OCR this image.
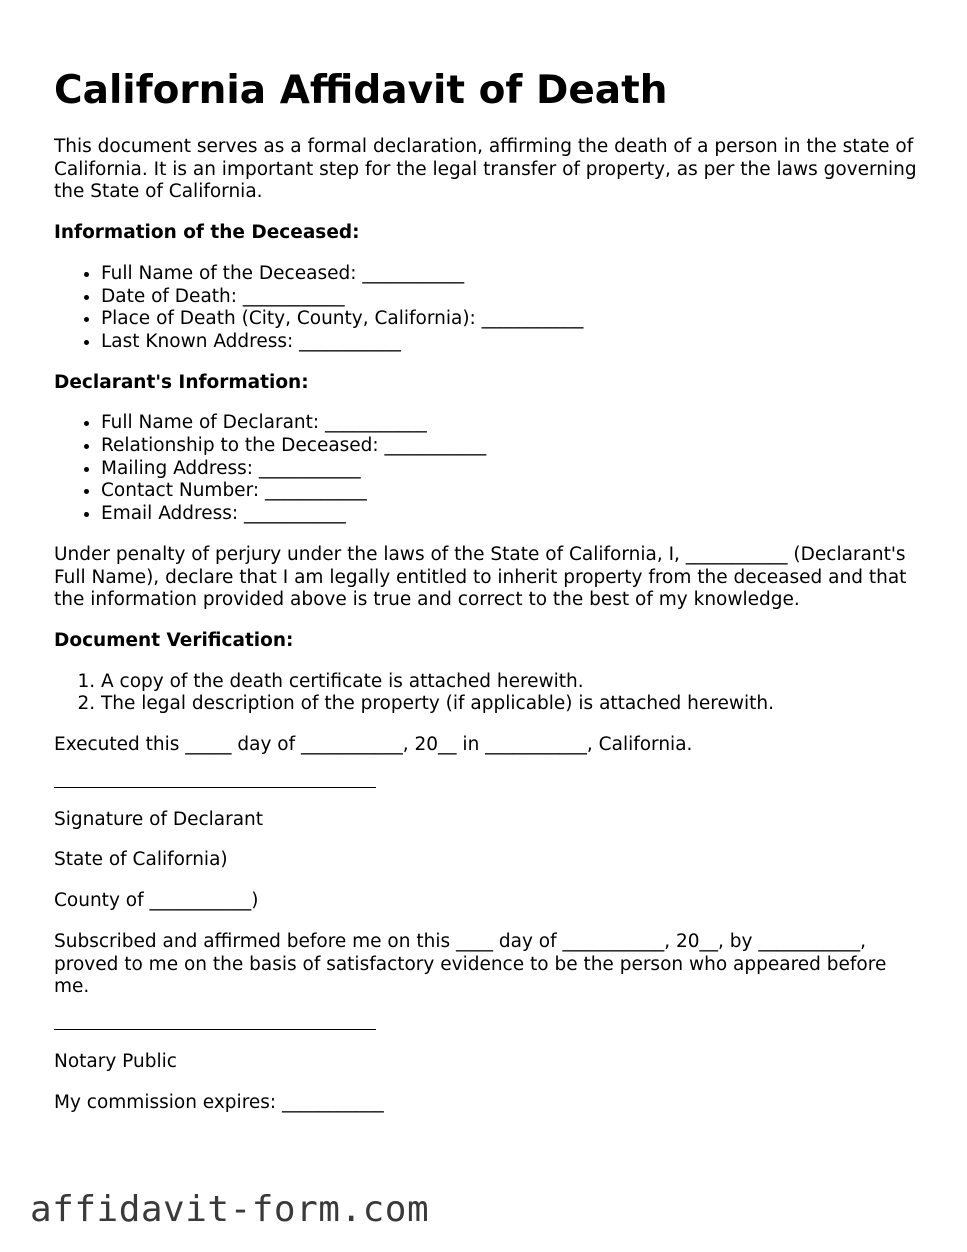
California Affidavit of Death

This document serves as a formal declaration, affirming the death of a person in the state of California. It is an important step for the legal transfer of property, as per the laws governing the State of California.

Information of the Deceased:
• Full Name of the Deceased: ___________
• Date of Death: ___________
• Place of Death (City, County, California): ___________
• Last Known Address: ___________
Declarant's Information:
• Full Name of Declarant: ___________
• Relationship to the Deceased: ___________
• Mailing Address: ___________
• Contact Number: ___________
• Email Address: ___________

Under penalty of perjury under the laws of the State of California, I, ___________ (Declarant's Full Name), declare that I am legally entitled to inherit property from the deceased and that the information provided above is true and correct to the best of my knowledge.

Document Verification:
1. A copy of the death certificate is attached herewith.
2. The legal description of the property (if applicable) is attached herewith.

Executed this _____ day of ___________, 20__ in ___________, California.

Signature of Declarant

State of California)

County of ___________)

Subscribed and affirmed before me on this ____ day of ___________, 20__, by ___________, proved to me on the basis of satisfactory evidence to be the person who appeared before me.

Notary Public

My commission expires: ___________

affidavit-form.com
